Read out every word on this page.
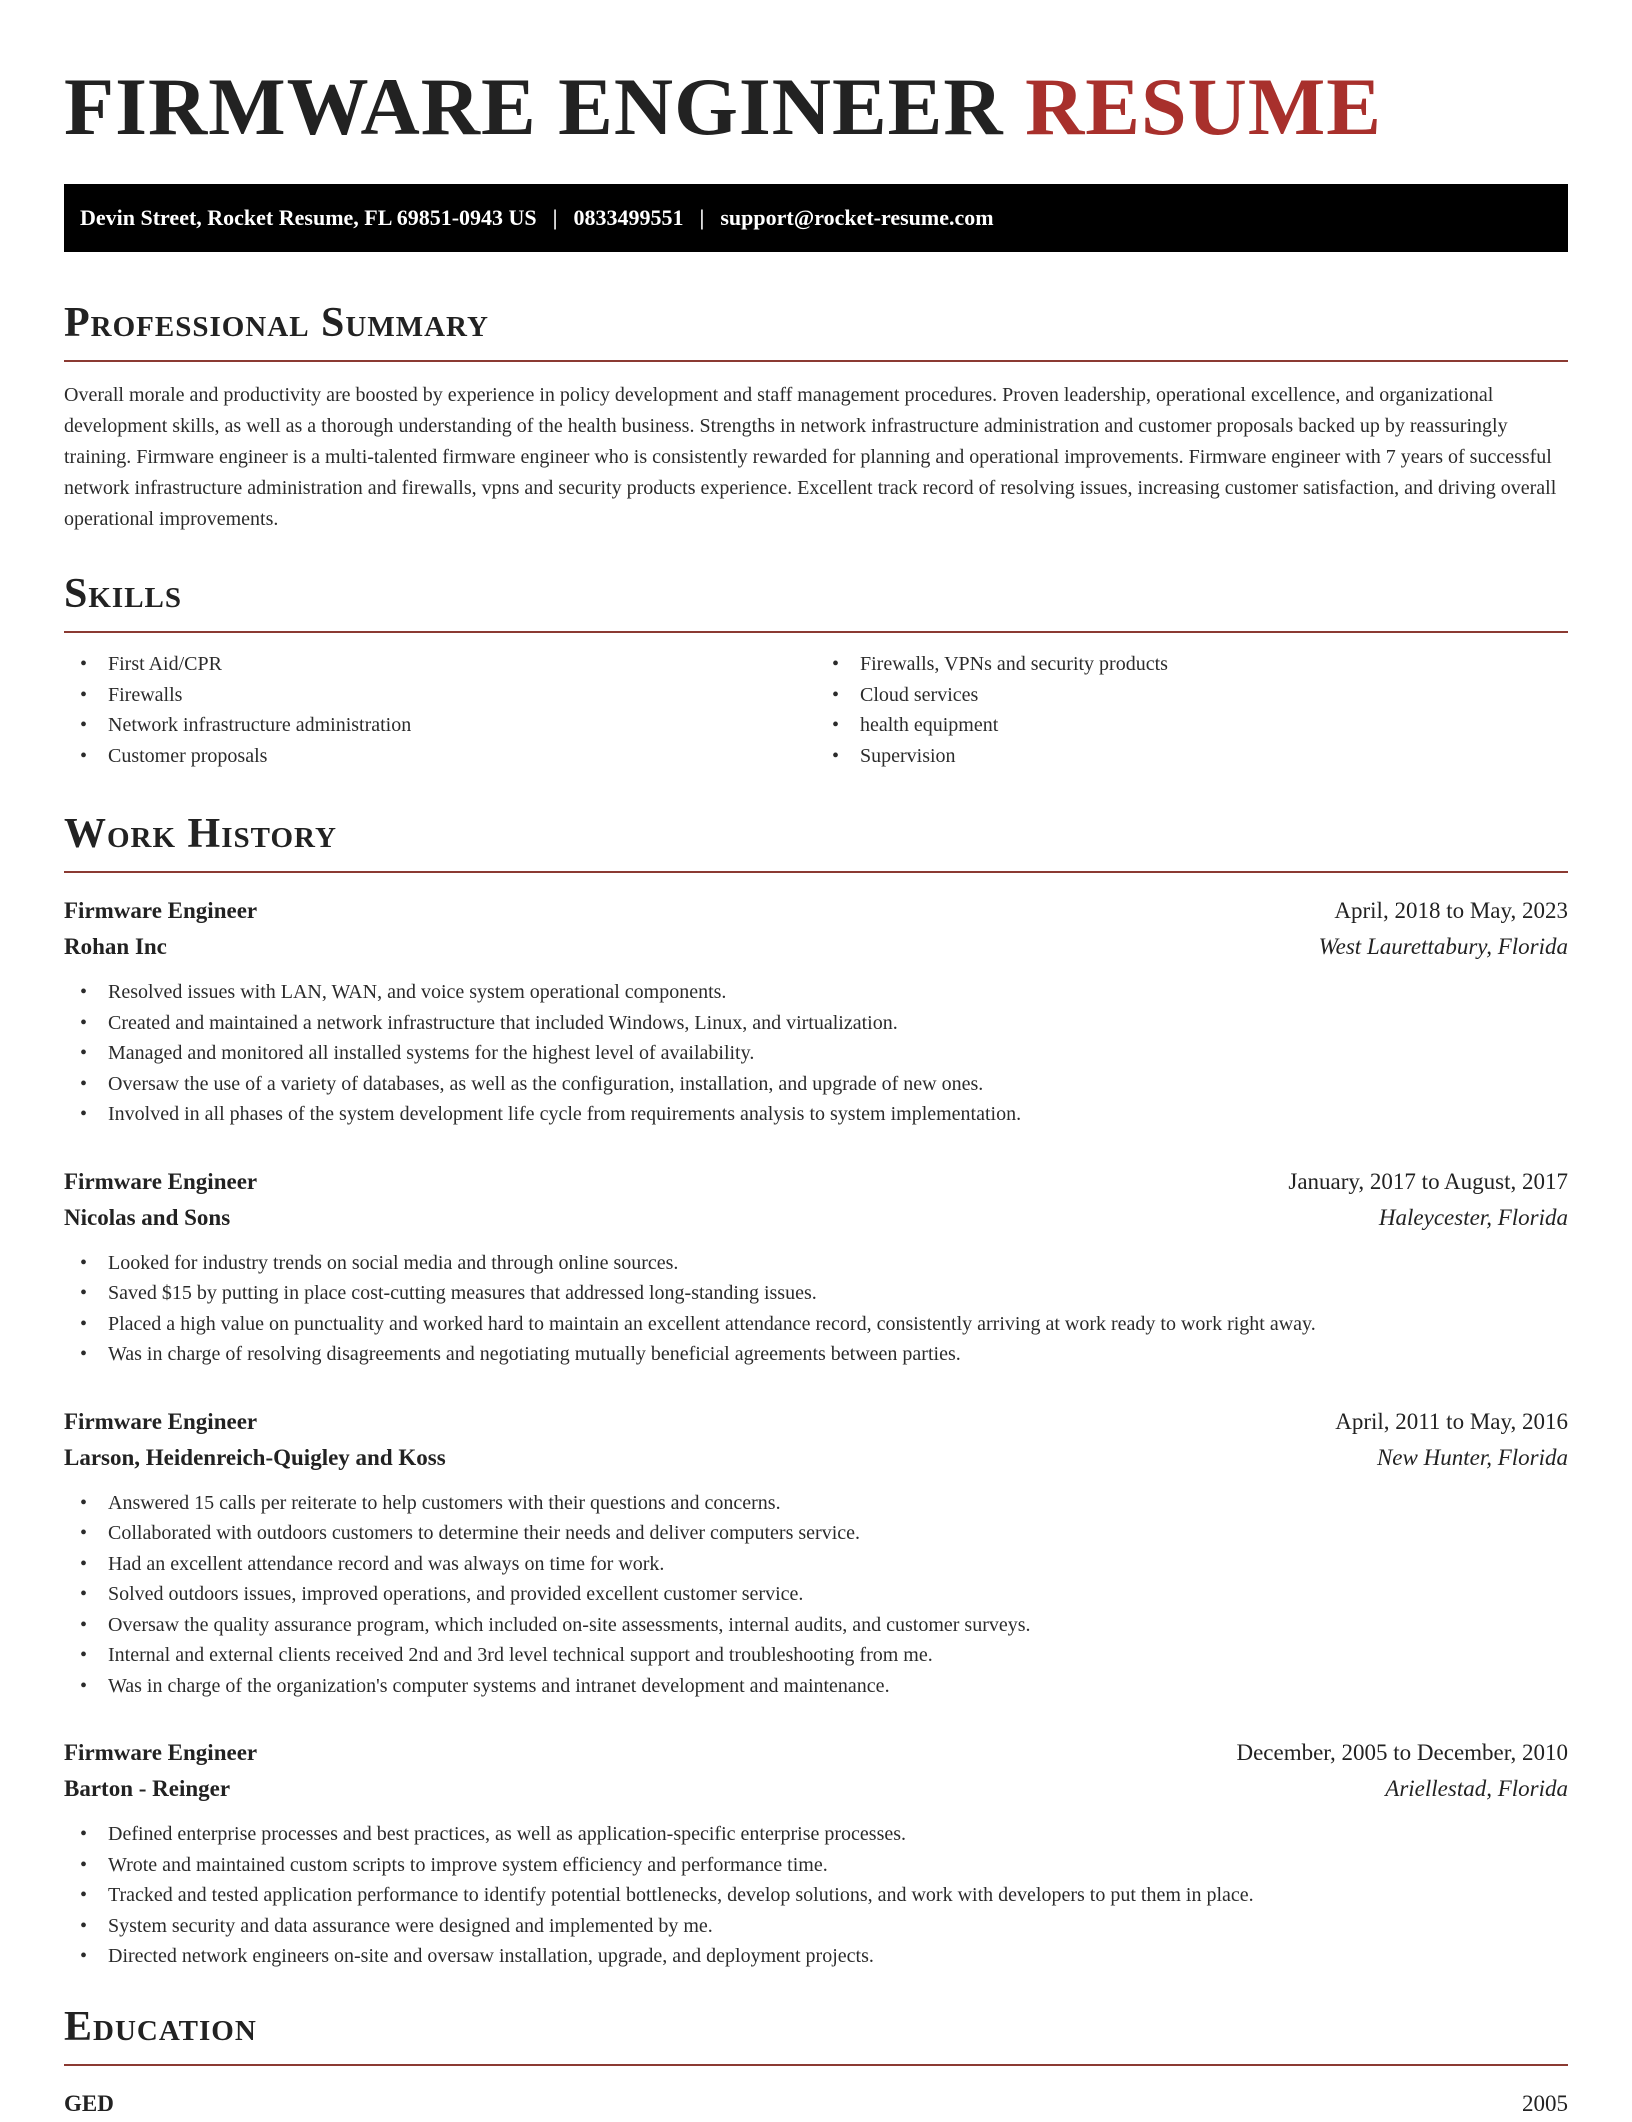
FIRMWARE ENGINEER RESUME
Devin Street, Rocket Resume, FL 69851-0943 US | 0833499551 | support@rocket-resume.com
Professional Summary

Overall morale and productivity are boosted by experience in policy development and staff management procedures. Proven leadership, operational excellence, and organizational development skills, as well as a thorough understanding of the health business. Strengths in network infrastructure administration and customer proposals backed up by reassuringly training. Firmware engineer is a multi-talented firmware engineer who is consistently rewarded for planning and operational improvements. Firmware engineer with 7 years of successful network infrastructure administration and firewalls, vpns and security products experience. Excellent track record of resolving issues, increasing customer satisfaction, and driving overall operational improvements.

Skills
• First Aid/CPR
• Firewalls
• Network infrastructure administration
• Customer proposals
• Firewalls, VPNs and security products
• Cloud services
• health equipment
• Supervision
Work History
Firmware Engineer	April, 2018 to May, 2023
Rohan Inc	West Laurettabury, Florida
• Resolved issues with LAN, WAN, and voice system operational components.
• Created and maintained a network infrastructure that included Windows, Linux, and virtualization.
• Managed and monitored all installed systems for the highest level of availability.
• Oversaw the use of a variety of databases, as well as the configuration, installation, and upgrade of new ones.
• Involved in all phases of the system development life cycle from requirements analysis to system implementation.
Firmware Engineer	January, 2017 to August, 2017
Nicolas and Sons	Haleycester, Florida
• Looked for industry trends on social media and through online sources.
• Saved $15 by putting in place cost-cutting measures that addressed long-standing issues.
• Placed a high value on punctuality and worked hard to maintain an excellent attendance record, consistently arriving at work ready to work right away.
• Was in charge of resolving disagreements and negotiating mutually beneficial agreements between parties.
Firmware Engineer	April, 2011 to May, 2016
Larson, Heidenreich-Quigley and Koss	New Hunter, Florida
• Answered 15 calls per reiterate to help customers with their questions and concerns.
• Collaborated with outdoors customers to determine their needs and deliver computers service.
• Had an excellent attendance record and was always on time for work.
• Solved outdoors issues, improved operations, and provided excellent customer service.
• Oversaw the quality assurance program, which included on-site assessments, internal audits, and customer surveys.
• Internal and external clients received 2nd and 3rd level technical support and troubleshooting from me.
• Was in charge of the organization's computer systems and intranet development and maintenance.
Firmware Engineer	December, 2005 to December, 2010
Barton - Reinger	Ariellestad, Florida
• Defined enterprise processes and best practices, as well as application-specific enterprise processes.
• Wrote and maintained custom scripts to improve system efficiency and performance time.
• Tracked and tested application performance to identify potential bottlenecks, develop solutions, and work with developers to put them in place.
• System security and data assurance were designed and implemented by me.
• Directed network engineers on-site and oversaw installation, upgrade, and deployment projects.
Education
GED	2005
